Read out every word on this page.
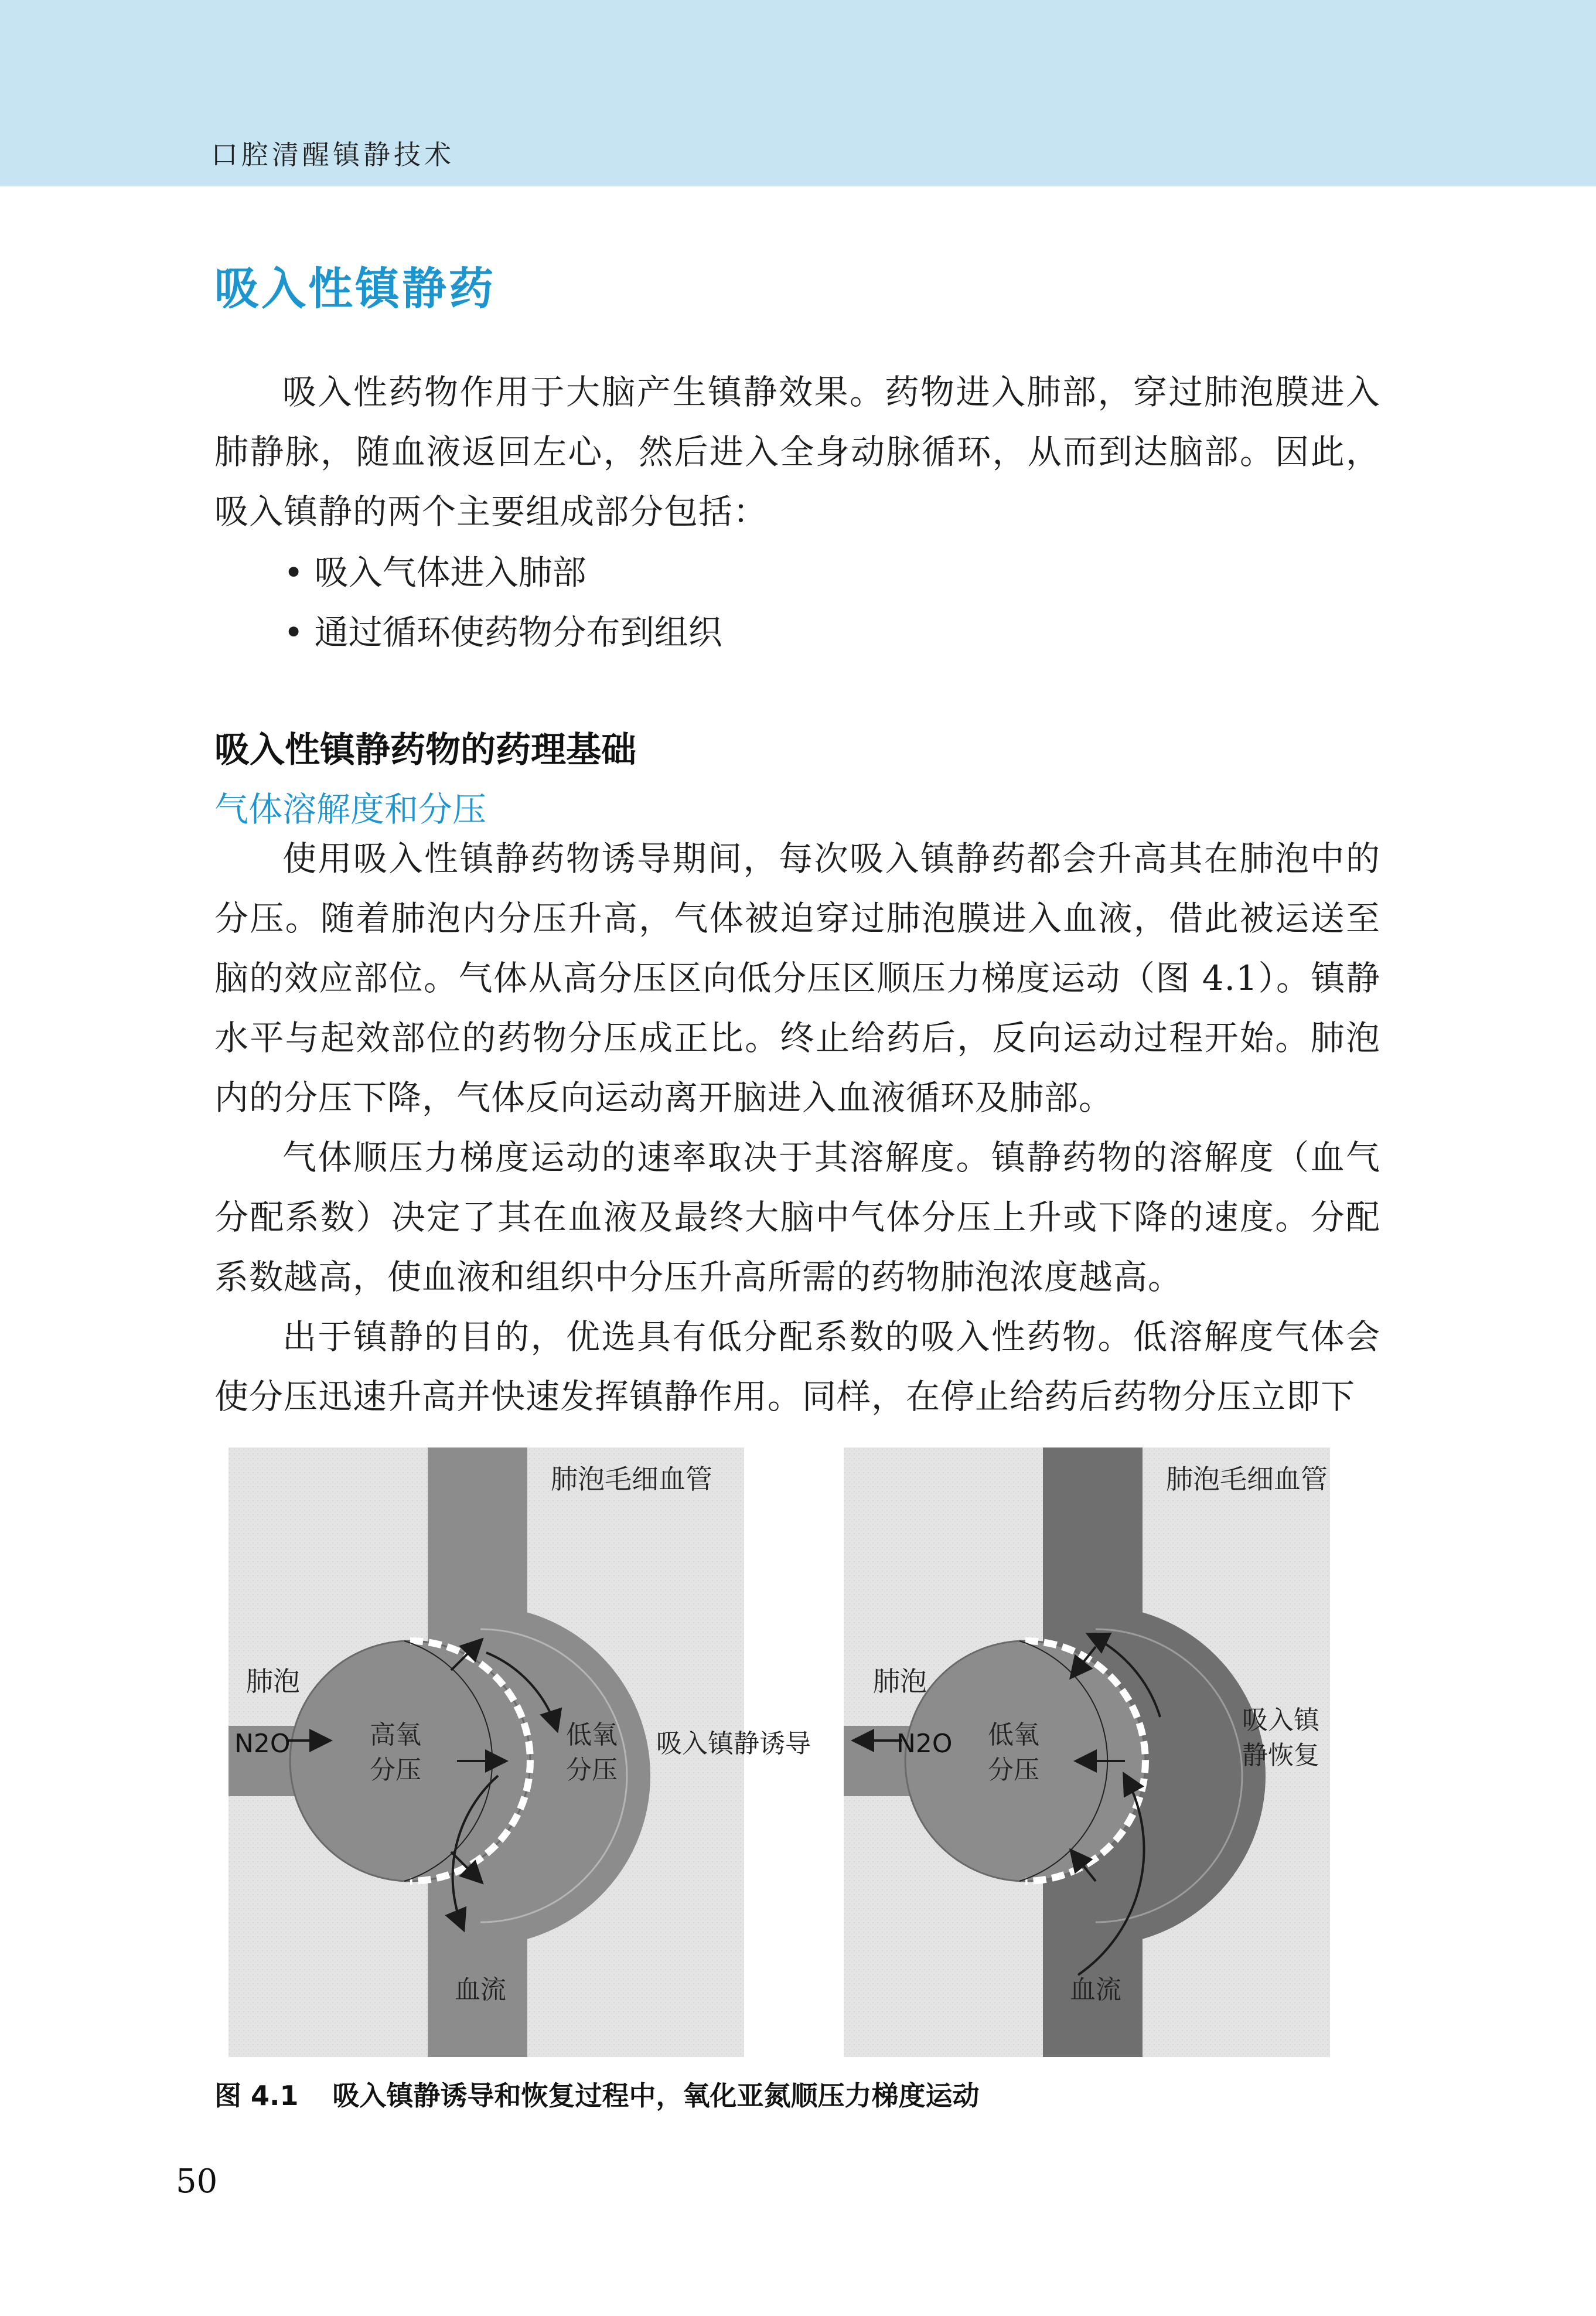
口腔清醒镇静技术
吸入性镇静药

吸入性药物作用于大脑产生镇静效果。药物进入肺部，穿过肺泡膜进入肺静脉，随血液返回左心，然后进入全身动脉循环，从而到达脑部。因此，吸入镇静的两个主要组成部分包括：

• 吸入气体进入肺部

• 通过循环使药物分布到组织

吸入性镇静药物的药理基础
气体溶解度和分压

使用吸入性镇静药物诱导期间，每次吸入镇静药都会升高其在肺泡中的分压。随着肺泡内分压升高，气体被迫穿过肺泡膜进入血液，借此被运送至脑的效应部位。气体从高分压区向低分压区顺压力梯度运动（图 4.1）。镇静水平与起效部位的药物分压成正比。终止给药后，反向运动过程开始。肺泡内的分压下降，气体反向运动离开脑进入血液循环及肺部。

气体顺压力梯度运动的速率取决于其溶解度。镇静药物的溶解度（血气分配系数）决定了其在血液及最终大脑中气体分压上升或下降的速度。分配系数越高，使血液和组织中分压升高所需的药物肺泡浓度越高。

出于镇静的目的，优选具有低分配系数的吸入性药物。低溶解度气体会使分压迅速升高并快速发挥镇静作用。同样，在停止给药后药物分压立即下

肺泡毛细血管
肺泡
N2O	高氧
分压
低氧
分压
吸入镇静诱导
血流
肺泡毛细血管
肺泡
N2O 低氧
分压
吸入镇
静恢复
血流
图 4.1 吸入镇静诱导和恢复过程中，氧化亚氮顺压力梯度运动
50
